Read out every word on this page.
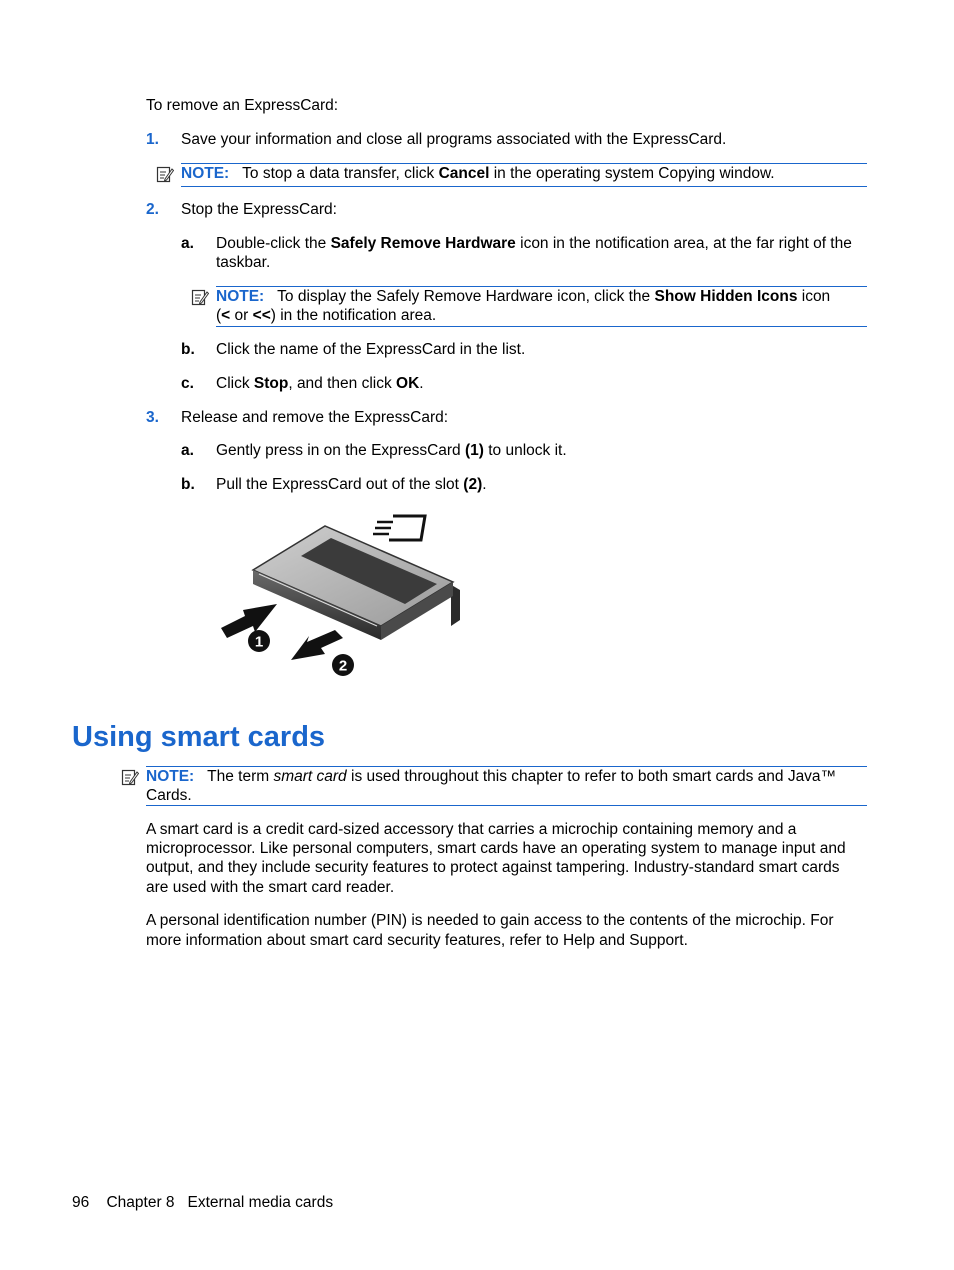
To remove an ExpressCard:
1. Save your information and close all programs associated with the ExpressCard.
NOTE: To stop a data transfer, click Cancel in the operating system Copying window.
2. Stop the ExpressCard:
a. Double-click the Safely Remove Hardware icon in the notification area, at the far right of the
taskbar.
NOTE: To display the Safely Remove Hardware icon, click the Show Hidden Icons icon
(< or <<) in the notification area.
b. Click the name of the ExpressCard in the list.
c. Click Stop, and then click OK.
3. Release and remove the ExpressCard:
a. Gently press in on the ExpressCard (1) to unlock it.
b. Pull the ExpressCard out of the slot (2).
1
2
Using smart cards
NOTE: The term smart card is used throughout this chapter to refer to both smart cards and Java™
Cards.
A smart card is a credit card-sized accessory that carries a microchip containing memory and a
microprocessor. Like personal computers, smart cards have an operating system to manage input and
output, and they include security features to protect against tampering. Industry-standard smart cards
are used with the smart card reader.
A personal identification number (PIN) is needed to gain access to the contents of the microchip. For
more information about smart card security features, refer to Help and Support.
96 Chapter 8 External media cards
